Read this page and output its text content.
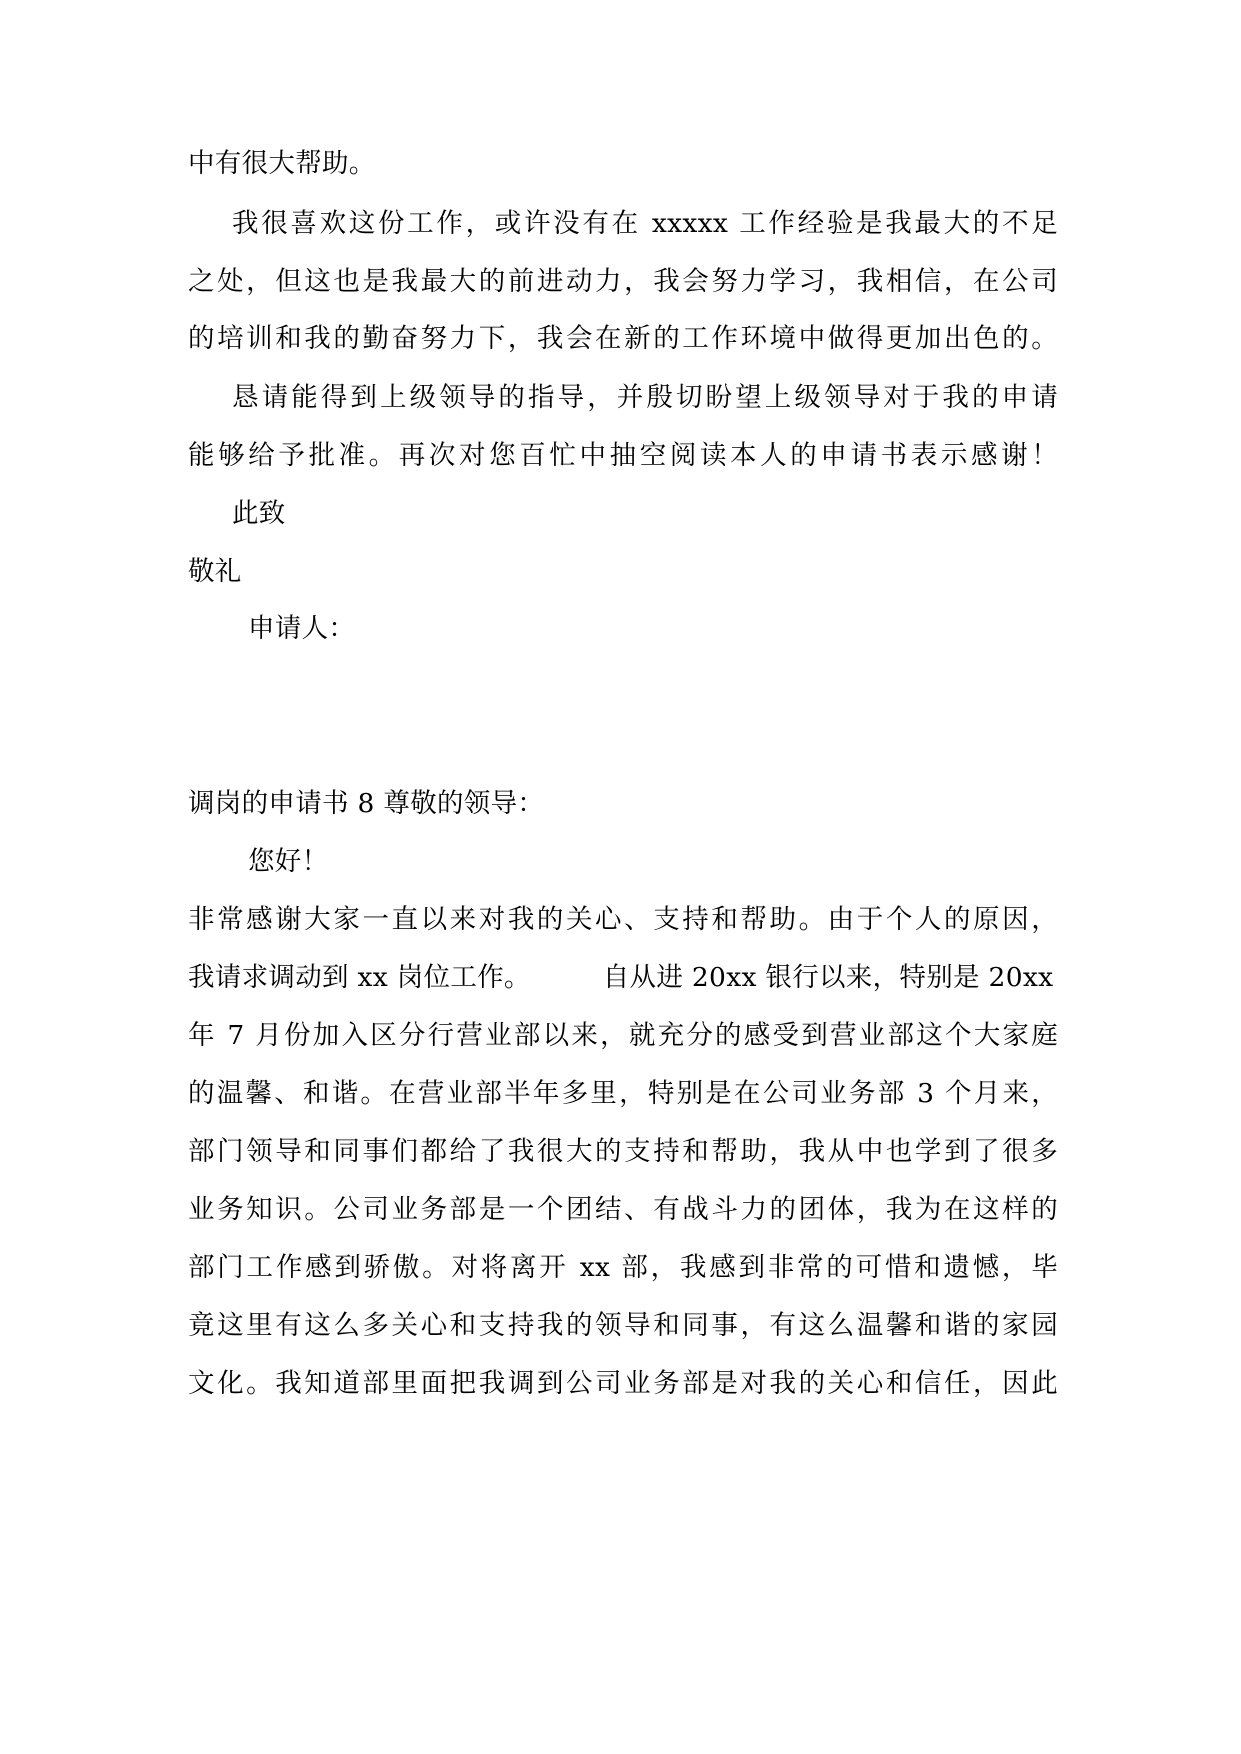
中有很大帮助。
我很喜欢这份工作，或许没有在 xxxxx 工作经验是我最大的不足
之处，但这也是我最大的前进动力，我会努力学习，我相信，在公司
的培训和我的勤奋努力下，我会在新的工作环境中做得更加出色的。
恳请能得到上级领导的指导，并殷切盼望上级领导对于我的申请
能够给予批准。再次对您百忙中抽空阅读本人的申请书表示感谢！
此致
敬礼
申请人：
调岗的申请书 8 尊敬的领导：
您好！
非常感谢大家一直以来对我的关心、支持和帮助。由于个人的原因，
我请求调动到 xx 岗位工作。	自从进 20xx 银行以来，特别是 20xx
年 7 月份加入区分行营业部以来，就充分的感受到营业部这个大家庭
的温馨、和谐。在营业部半年多里，特别是在公司业务部 3 个月来，
部门领导和同事们都给了我很大的支持和帮助，我从中也学到了很多
业务知识。公司业务部是一个团结、有战斗力的团体，我为在这样的
部门工作感到骄傲。对将离开 xx 部，我感到非常的可惜和遗憾，毕
竟这里有这么多关心和支持我的领导和同事，有这么温馨和谐的家园
文化。我知道部里面把我调到公司业务部是对我的关心和信任，因此
